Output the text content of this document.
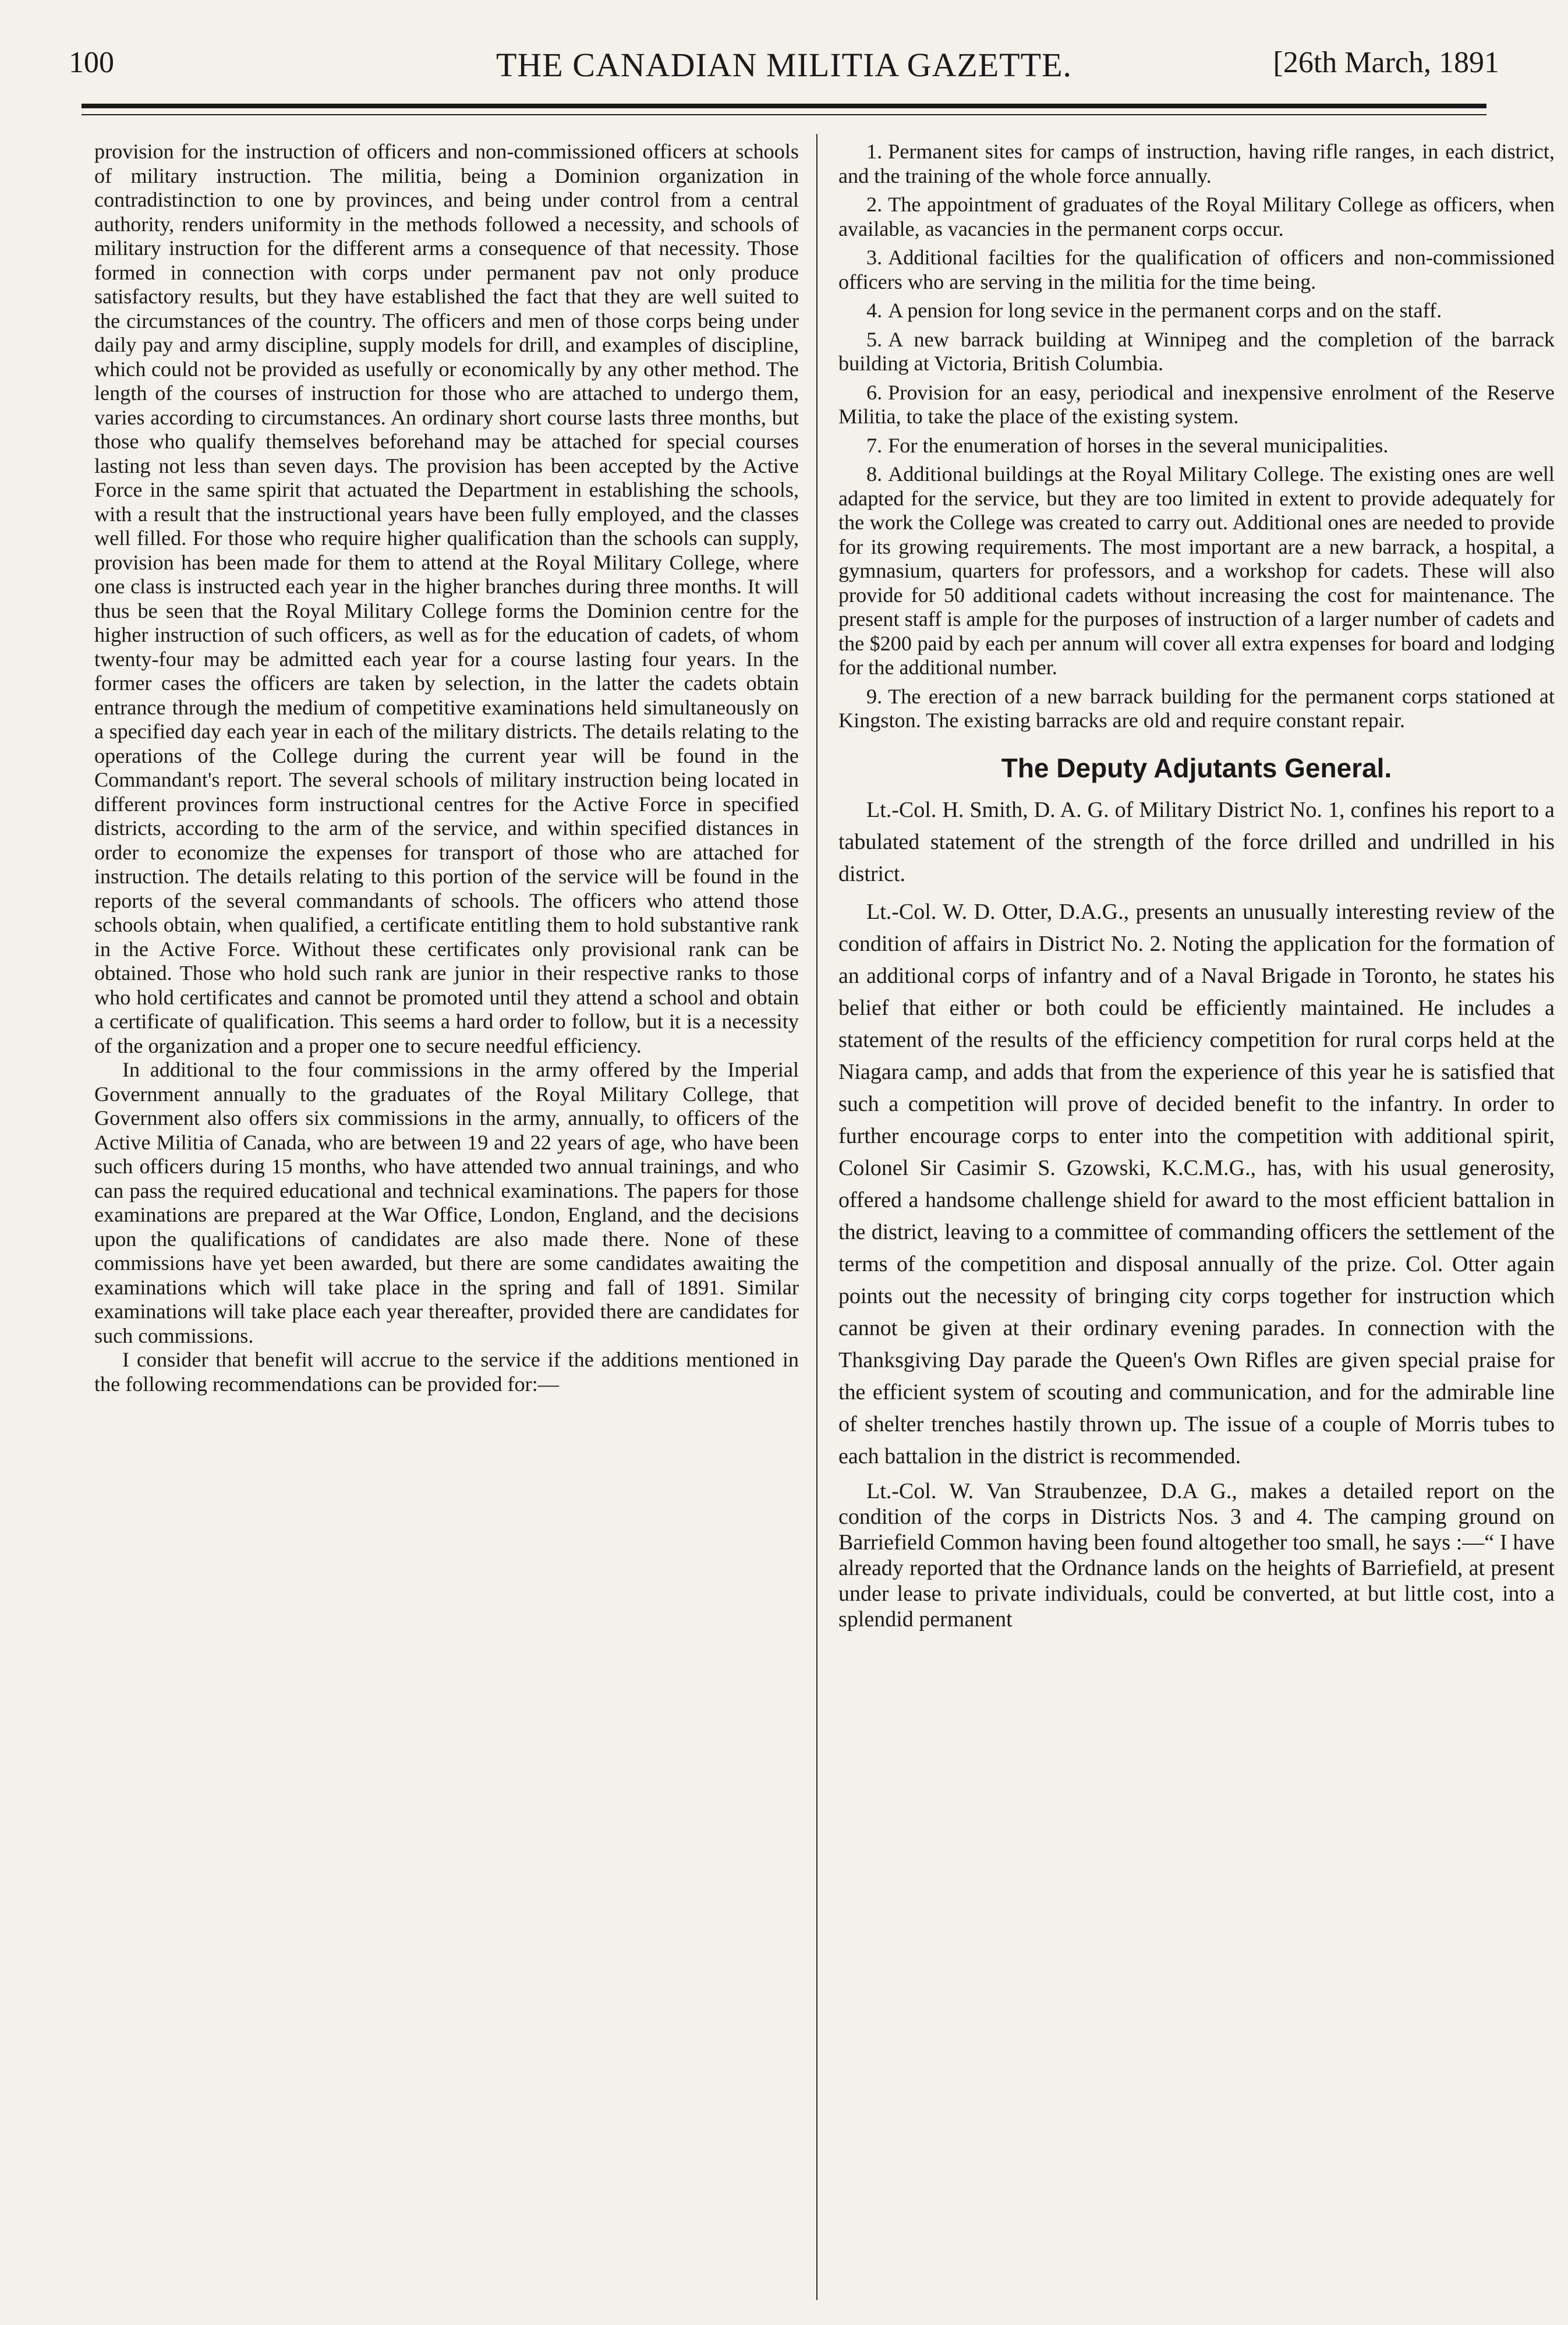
100	THE CANADIAN MILITIA GAZETTE.	[26th March, 1891

provision for the instruction of officers and non-commissioned officers at schools of military instruction. The militia, being a Dominion organization in contradistinction to one by provinces, and being under control from a central authority, renders uniformity in the methods followed a necessity, and schools of military instruction for the different arms a consequence of that necessity. Those formed in connection with corps under permanent pav not only produce satisfactory results, but they have established the fact that they are well suited to the circumstances of the country. The officers and men of those corps being under daily pay and army discipline, supply models for drill, and examples of discipline, which could not be provided as usefully or economically by any other method. The length of the courses of instruction for those who are attached to undergo them, varies according to circumstances. An ordinary short course lasts three months, but those who qualify themselves beforehand may be attached for special courses lasting not less than seven days. The provision has been accepted by the Active Force in the same spirit that actuated the Department in establishing the schools, with a result that the instructional years have been fully employed, and the classes well filled. For those who require higher qualification than the schools can supply, provision has been made for them to attend at the Royal Military College, where one class is instructed each year in the higher branches during three months. It will thus be seen that the Royal Military College forms the Dominion centre for the higher instruction of such officers, as well as for the education of cadets, of whom twenty-four may be admitted each year for a course lasting four years. In the former cases the officers are taken by selection, in the latter the cadets obtain entrance through the medium of competitive examinations held simultaneously on a specified day each year in each of the military districts. The details relating to the operations of the College during the current year will be found in the Commandant's report. The several schools of military instruction being located in different provinces form instructional centres for the Active Force in specified districts, according to the arm of the service, and within specified distances in order to economize the expenses for transport of those who are attached for instruction. The details relating to this portion of the service will be found in the reports of the several commandants of schools. The officers who attend those schools obtain, when qualified, a certificate entitling them to hold substantive rank in the Active Force. Without these certificates only provisional rank can be obtained. Those who hold such rank are junior in their respective ranks to those who hold certificates and cannot be promoted until they attend a school and obtain a certificate of qualification. This seems a hard order to follow, but it is a necessity of the organization and a proper one to secure needful efficiency.

In additional to the four commissions in the army offered by the Imperial Government annually to the graduates of the Royal Military College, that Government also offers six commissions in the army, annually, to officers of the Active Militia of Canada, who are between 19 and 22 years of age, who have been such officers during 15 months, who have attended two annual trainings, and who can pass the required educational and technical examinations. The papers for those examinations are prepared at the War Office, London, England, and the decisions upon the qualifications of candidates are also made there. None of these commissions have yet been awarded, but there are some candidates awaiting the examinations which will take place in the spring and fall of 1891. Similar examinations will take place each year thereafter, provided there are candidates for such commissions.

I consider that benefit will accrue to the service if the additions mentioned in the following recommendations can be provided for:—

1. Permanent sites for camps of instruction, having rifle ranges, in each district, and the training of the whole force annually.
2. The appointment of graduates of the Royal Military College as officers, when available, as vacancies in the permanent corps occur.
3. Additional facilties for the qualification of officers and non-commissioned officers who are serving in the militia for the time being.
4. A pension for long sevice in the permanent corps and on the staff.
5. A new barrack building at Winnipeg and the completion of the barrack building at Victoria, British Columbia.
6. Provision for an easy, periodical and inexpensive enrolment of the Reserve Militia, to take the place of the existing system.
7. For the enumeration of horses in the several municipalities.
8. Additional buildings at the Royal Military College. The existing ones are well adapted for the service, but they are too limited in extent to provide adequately for the work the College was created to carry out. Additional ones are needed to provide for its growing requirements. The most important are a new barrack, a hospital, a gymnasium, quarters for professors, and a workshop for cadets. These will also provide for 50 additional cadets without increasing the cost for maintenance. The present staff is ample for the purposes of instruction of a larger number of cadets and the $200 paid by each per annum will cover all extra expenses for board and lodging for the additional number.
9. The erection of a new barrack building for the permanent corps stationed at Kingston. The existing barracks are old and require constant repair.
The Deputy Adjutants General.

Lt.-Col. H. Smith, D. A. G. of Military District No. 1, confines his report to a tabulated statement of the strength of the force drilled and undrilled in his district.

Lt.-Col. W. D. Otter, D.A.G., presents an unusually interesting review of the condition of affairs in District No. 2. Noting the application for the formation of an additional corps of infantry and of a Naval Brigade in Toronto, he states his belief that either or both could be efficiently maintained. He includes a statement of the results of the efficiency competition for rural corps held at the Niagara camp, and adds that from the experience of this year he is satisfied that such a competition will prove of decided benefit to the infantry. In order to further encourage corps to enter into the competition with additional spirit, Colonel Sir Casimir S. Gzowski, K.C.M.G., has, with his usual generosity, offered a handsome challenge shield for award to the most efficient battalion in the district, leaving to a committee of commanding officers the settlement of the terms of the competition and disposal annually of the prize. Col. Otter again points out the necessity of bringing city corps together for instruction which cannot be given at their ordinary evening parades. In connection with the Thanksgiving Day parade the Queen's Own Rifles are given special praise for the efficient system of scouting and communication, and for the admirable line of shelter trenches hastily thrown up. The issue of a couple of Morris tubes to each battalion in the district is recommended.

Lt.-Col. W. Van Straubenzee, D.A G., makes a detailed report on the condition of the corps in Districts Nos. 3 and 4. The camping ground on Barriefield Common having been found altogether too small, he says :—“ I have already reported that the Ordnance lands on the heights of Barriefield, at present under lease to private individuals, could be converted, at but little cost, into a splendid permanent
